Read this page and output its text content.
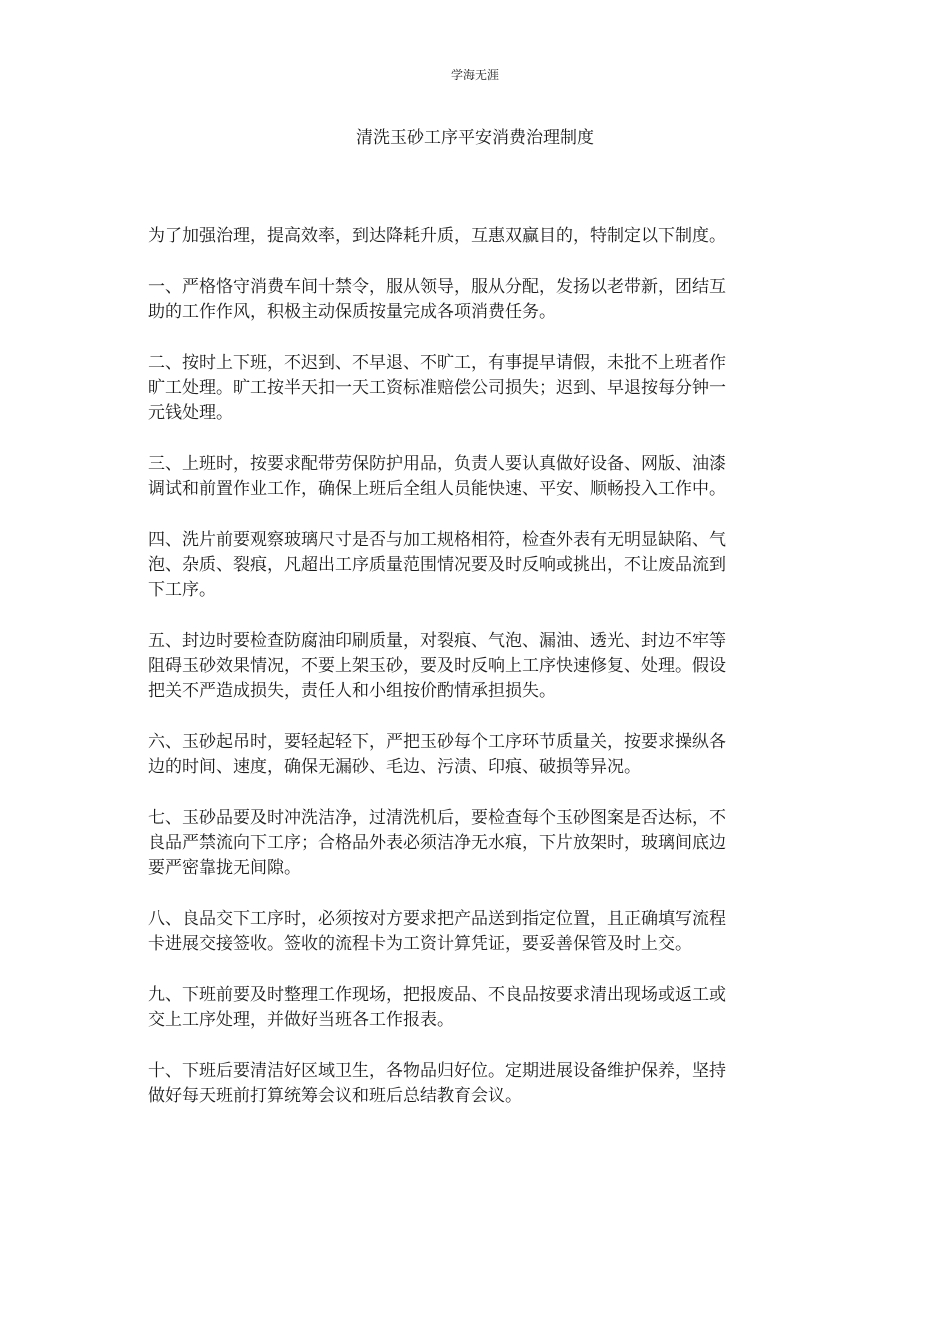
学海无涯
清洗玉砂工序平安消费治理制度

为了加强治理，提高效率，到达降耗升质，互惠双赢目的，特制定以下制度。

一、严格恪守消费车间十禁令，服从领导，服从分配，发扬以老带新，团结互
助的工作作风，积极主动保质按量完成各项消费任务。

二、按时上下班，不迟到、不早退、不旷工，有事提早请假，未批不上班者作
旷工处理。旷工按半天扣一天工资标准赔偿公司损失；迟到、早退按每分钟一
元钱处理。

三、上班时，按要求配带劳保防护用品，负责人要认真做好设备、网版、油漆
调试和前置作业工作，确保上班后全组人员能快速、平安、顺畅投入工作中。

四、洗片前要观察玻璃尺寸是否与加工规格相符，检查外表有无明显缺陷、气
泡、杂质、裂痕，凡超出工序质量范围情况要及时反响或挑出，不让废品流到
下工序。

五、封边时要检查防腐油印刷质量，对裂痕、气泡、漏油、透光、封边不牢等
阻碍玉砂效果情况，不要上架玉砂，要及时反响上工序快速修复、处理。假设
把关不严造成损失，责任人和小组按价酌情承担损失。

六、玉砂起吊时，要轻起轻下，严把玉砂每个工序环节质量关，按要求操纵各
边的时间、速度，确保无漏砂、毛边、污渍、印痕、破损等异况。

七、玉砂品要及时冲洗洁净，过清洗机后，要检查每个玉砂图案是否达标，不
良品严禁流向下工序；合格品外表必须洁净无水痕，下片放架时，玻璃间底边
要严密靠拢无间隙。

八、良品交下工序时，必须按对方要求把产品送到指定位置，且正确填写流程
卡进展交接签收。签收的流程卡为工资计算凭证，要妥善保管及时上交。

九、下班前要及时整理工作现场，把报废品、不良品按要求清出现场或返工或
交上工序处理，并做好当班各工作报表。

十、下班后要清洁好区域卫生，各物品归好位。定期进展设备维护保养，坚持
做好每天班前打算统筹会议和班后总结教育会议。
